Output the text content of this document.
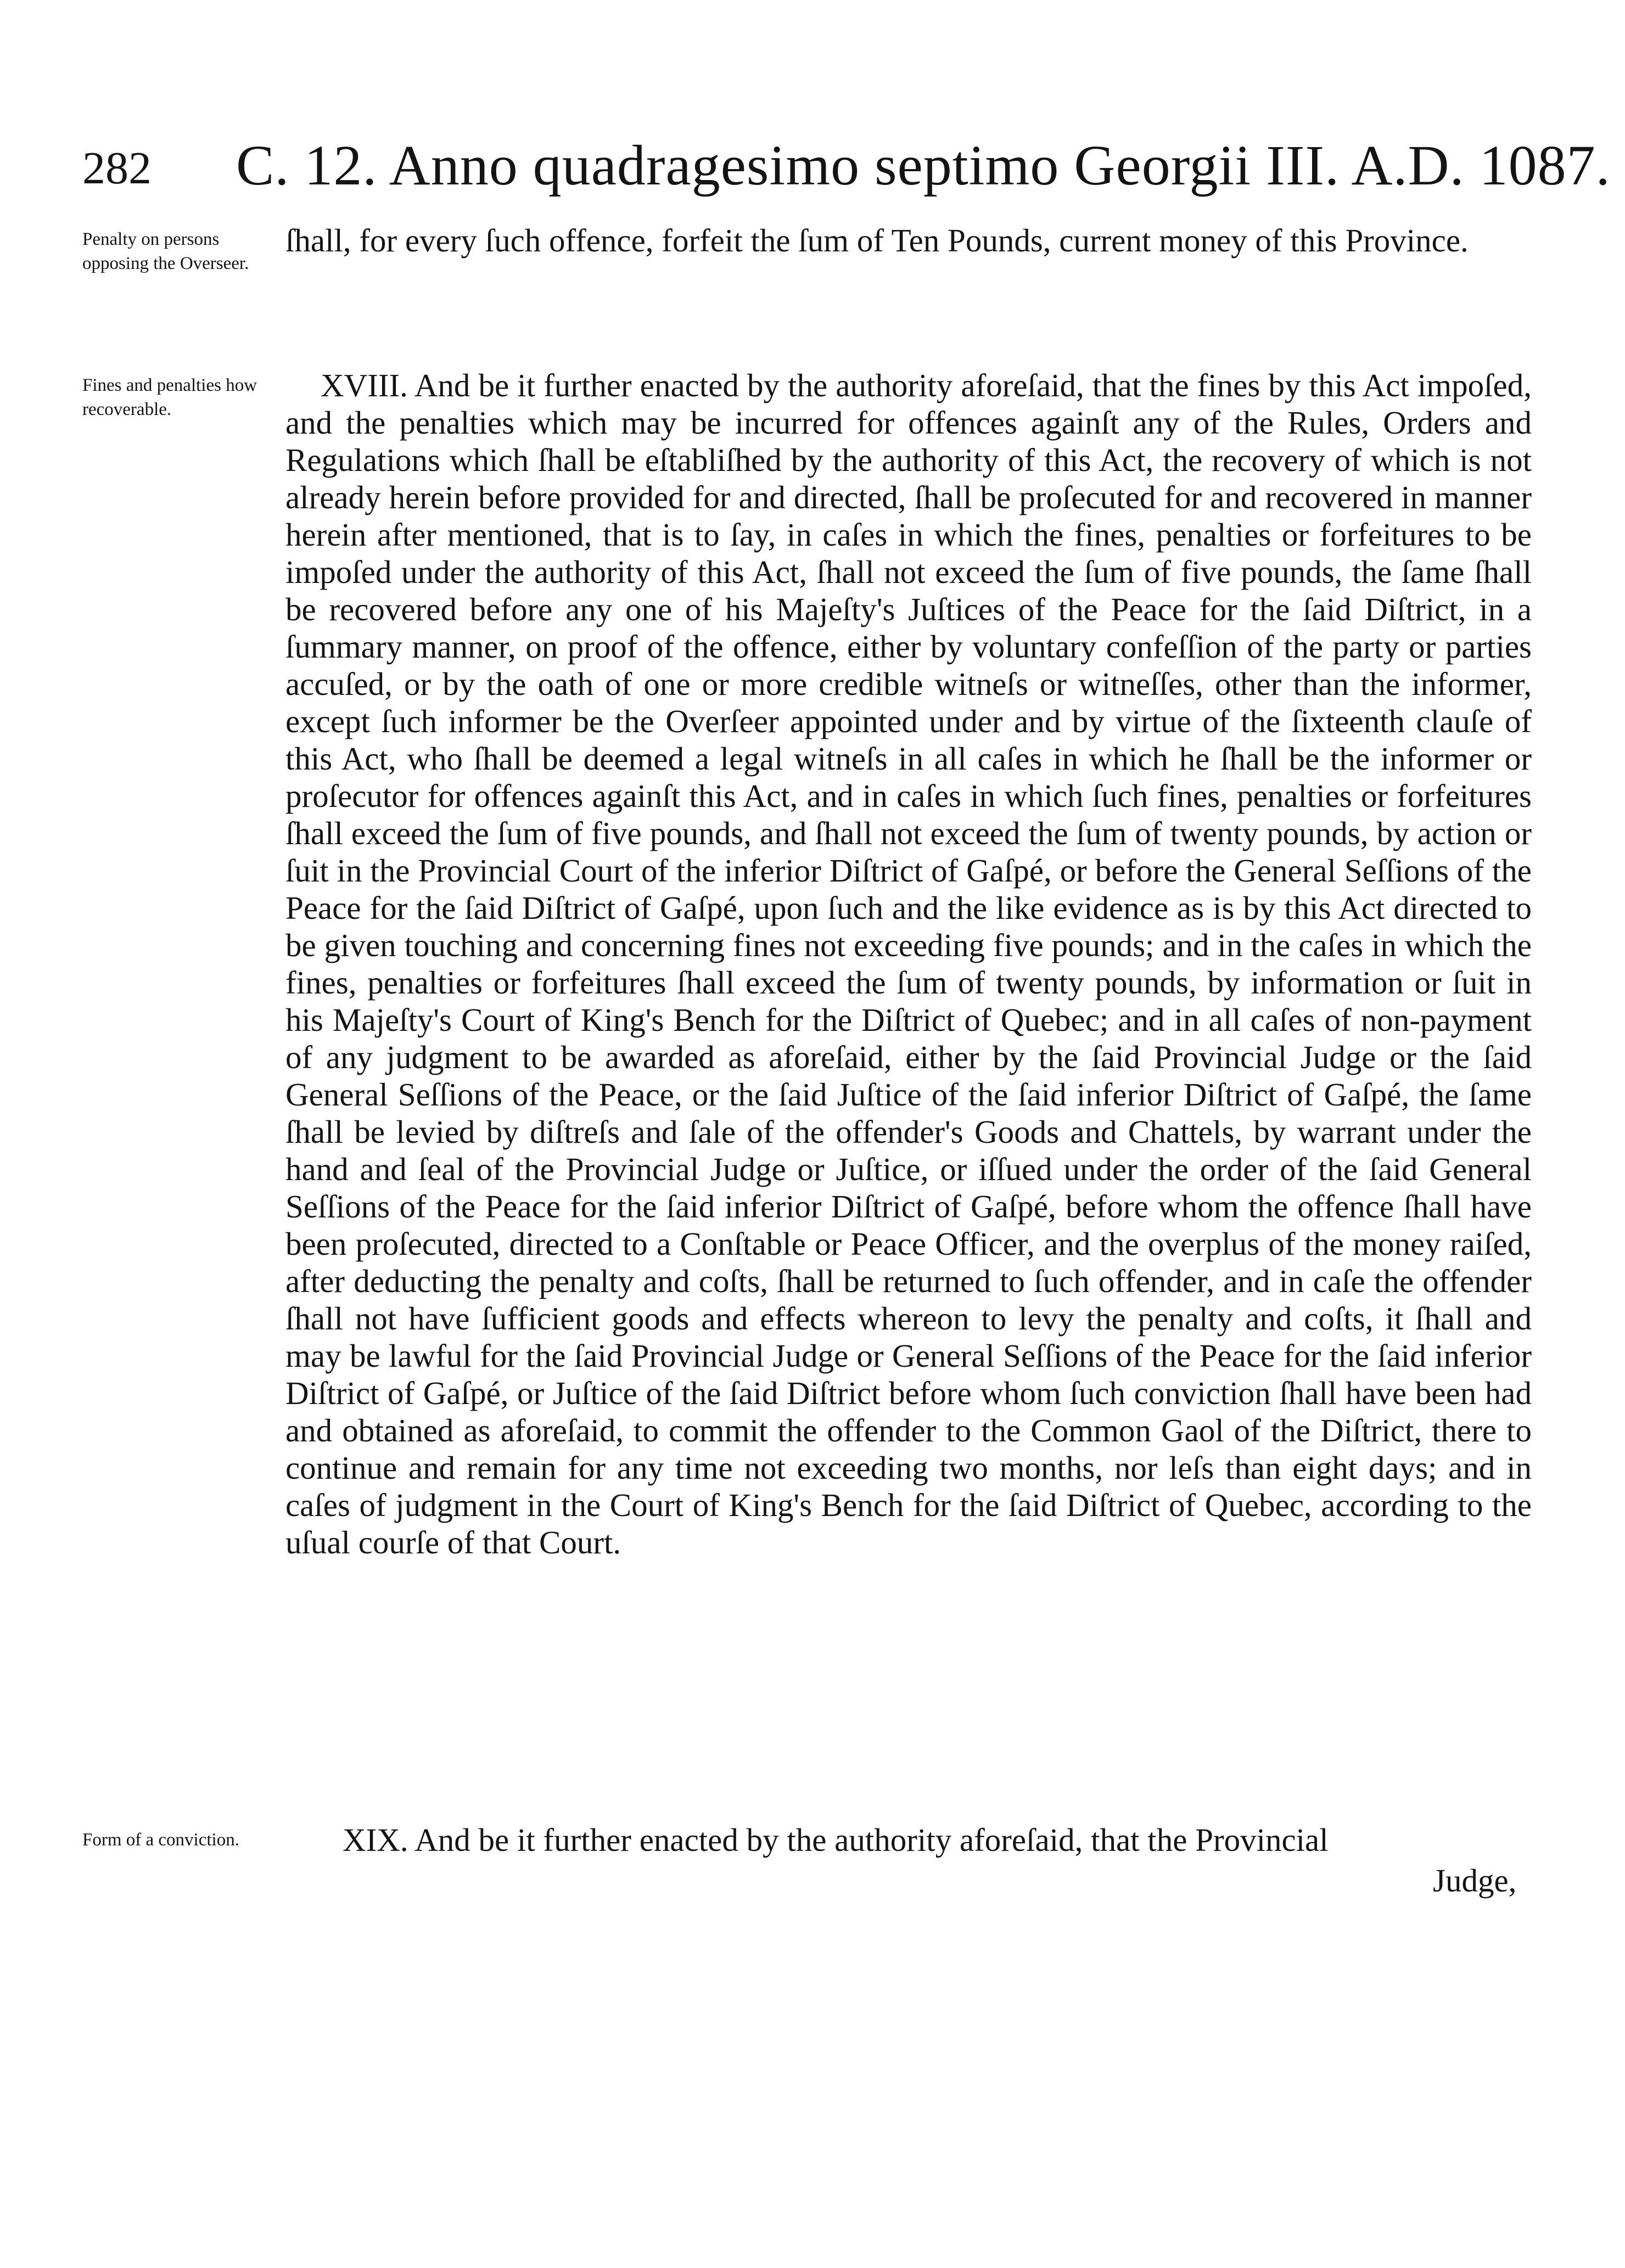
282 C. 12. Anno quadragesimo septimo Georgii III. A.D. 1087.
Penalty on persons opposing the Overseer.

ſhall, for every ſuch offence, forfeit the ſum of Ten Pounds, current money of this Province.

Fines and penalties how recoverable.

XVIII. And be it further enacted by the authority aforeſaid, that the fines by this Act impoſed, and the penalties which may be incurred for offences againſt any of the Rules, Orders and Regulations which ſhall be eſtabliſhed by the authority of this Act, the recovery of which is not already herein before provided for and directed, ſhall be proſecuted for and recovered in manner herein after mentioned, that is to ſay, in caſes in which the fines, penalties or forfeitures to be impoſed under the authority of this Act, ſhall not exceed the ſum of five pounds, the ſame ſhall be recovered before any one of his Majeſty's Juſtices of the Peace for the ſaid Diſtrict, in a ſummary manner, on proof of the offence, either by voluntary confeſſion of the party or parties accuſed, or by the oath of one or more credible witneſs or witneſſes, other than the informer, except ſuch informer be the Overſeer appointed under and by virtue of the ſixteenth clauſe of this Act, who ſhall be deemed a legal witneſs in all caſes in which he ſhall be the informer or proſecutor for offences againſt this Act, and in caſes in which ſuch fines, penalties or forfeitures ſhall exceed the ſum of five pounds, and ſhall not exceed the ſum of twenty pounds, by action or ſuit in the Provincial Court of the inferior Diſtrict of Gaſpé, or before the General Seſſions of the Peace for the ſaid Diſtrict of Gaſpé, upon ſuch and the like evidence as is by this Act directed to be given touching and concerning fines not exceeding five pounds; and in the caſes in which the fines, penalties or forfeitures ſhall exceed the ſum of twenty pounds, by information or ſuit in his Majeſty's Court of King's Bench for the Diſtrict of Quebec; and in all caſes of non-payment of any judgment to be awarded as aforeſaid, either by the ſaid Provincial Judge or the ſaid General Seſſions of the Peace, or the ſaid Juſtice of the ſaid inferior Diſtrict of Gaſpé, the ſame ſhall be levied by diſtreſs and ſale of the offender's Goods and Chattels, by warrant under the hand and ſeal of the Provincial Judge or Juſtice, or iſſued under the order of the ſaid General Seſſions of the Peace for the ſaid inferior Diſtrict of Gaſpé, before whom the offence ſhall have been proſecuted, directed to a Conſtable or Peace Officer, and the overplus of the money raiſed, after deducting the penalty and coſts, ſhall be returned to ſuch offender, and in caſe the offender ſhall not have ſufficient goods and effects whereon to levy the penalty and coſts, it ſhall and may be lawful for the ſaid Provincial Judge or General Seſſions of the Peace for the ſaid inferior Diſtrict of Gaſpé, or Juſtice of the ſaid Diſtrict before whom ſuch conviction ſhall have been had and obtained as aforeſaid, to commit the offender to the Common Gaol of the Diſtrict, there to continue and remain for any time not exceeding two months, nor leſs than eight days; and in caſes of judgment in the Court of King's Bench for the ſaid Diſtrict of Quebec, according to the uſual courſe of that Court.

Form of a conviction.	XIX. And be it further enacted by the authority aforeſaid, that the Provincial

Judge,
